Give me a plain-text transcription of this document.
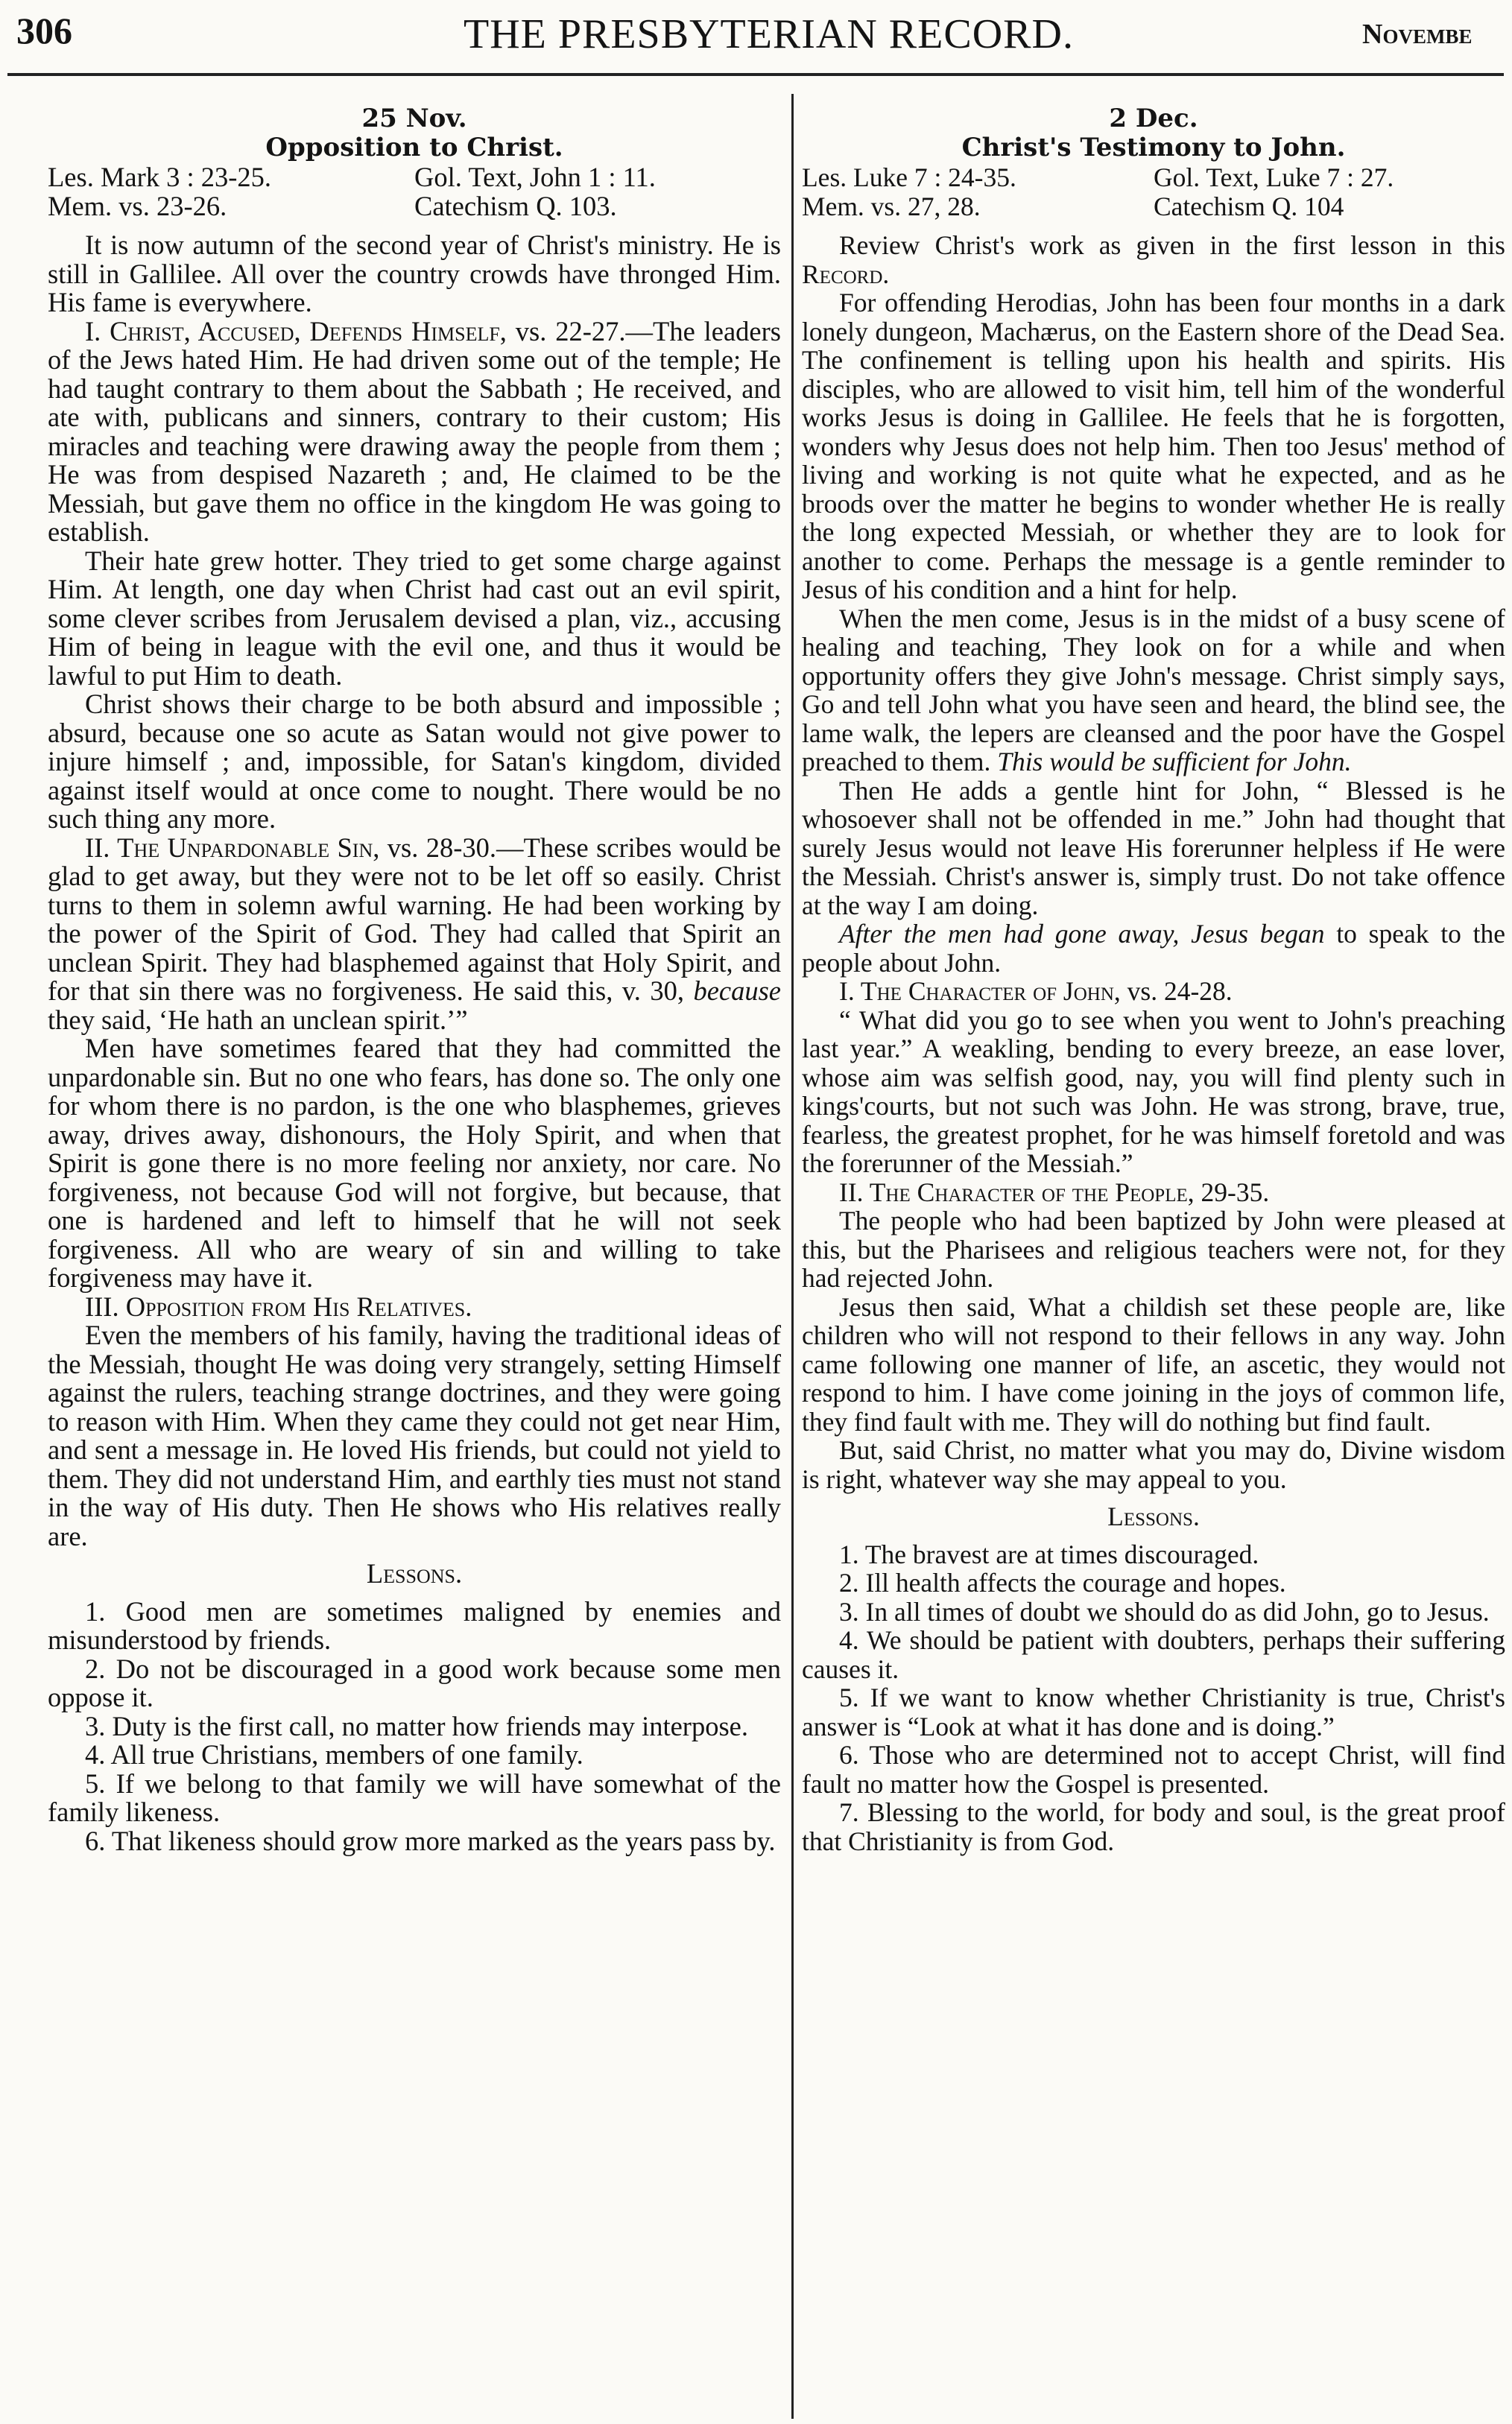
306	THE PRESBYTERIAN RECORD.	Novembe
25 Nov.
Opposition to Christ.
Les. Mark 3 : 23-25.	Gol. Text, John 1 : 11.
Mem. vs. 23-26.	Catechism Q. 103.

It is now autumn of the second year of Christ's ministry. He is still in Gallilee. All over the country crowds have thronged Him. His fame is everywhere.

I. Christ, Accused, Defends Himself, vs. 22-27.—The leaders of the Jews hated Him. He had driven some out of the temple; He had taught contrary to them about the Sabbath ; He received, and ate with, publicans and sinners, contrary to their custom; His miracles and teaching were drawing away the people from them ; He was from despised Nazareth ; and, He claimed to be the Messiah, but gave them no office in the kingdom He was going to establish.

Their hate grew hotter. They tried to get some charge against Him. At length, one day when Christ had cast out an evil spirit, some clever scribes from Jerusalem devised a plan, viz., accusing Him of being in league with the evil one, and thus it would be lawful to put Him to death.

Christ shows their charge to be both absurd and impossible ; absurd, because one so acute as Satan would not give power to injure himself ; and, impossible, for Satan's kingdom, divided against itself would at once come to nought. There would be no such thing any more.

II. The Unpardonable Sin, vs. 28-30.—These scribes would be glad to get away, but they were not to be let off so easily. Christ turns to them in solemn awful warning. He had been working by the power of the Spirit of God. They had called that Spirit an unclean Spirit. They had blasphemed against that Holy Spirit, and for that sin there was no forgiveness. He said this, v. 30, because they said, ‘He hath an unclean spirit.’”

Men have sometimes feared that they had committed the unpardonable sin. But no one who fears, has done so. The only one for whom there is no pardon, is the one who blasphemes, grieves away, drives away, dishonours, the Holy Spirit, and when that Spirit is gone there is no more feeling nor anxiety, nor care. No forgiveness, not because God will not forgive, but because, that one is hardened and left to himself that he will not seek forgiveness. All who are weary of sin and willing to take forgiveness may have it.

III. Opposition from His Relatives.

Even the members of his family, having the traditional ideas of the Messiah, thought He was doing very strangely, setting Himself against the rulers, teaching strange doctrines, and they were going to reason with Him. When they came they could not get near Him, and sent a message in. He loved His friends, but could not yield to them. They did not understand Him, and earthly ties must not stand in the way of His duty. Then He shows who His relatives really are.

Lessons.
1. Good men are sometimes maligned by enemies and misunderstood by friends.
2. Do not be discouraged in a good work because some men oppose it.
3. Duty is the first call, no matter how friends may interpose.
4. All true Christians, members of one family.
5. If we belong to that family we will have somewhat of the family likeness.
6. That likeness should grow more marked as the years pass by.
2 Dec.
Christ's Testimony to John.
Les. Luke 7 : 24-35.	Gol. Text, Luke 7 : 27.
Mem. vs. 27, 28.	Catechism Q. 104

Review Christ's work as given in the first lesson in this Record.

For offending Herodias, John has been four months in a dark lonely dungeon, Machærus, on the Eastern shore of the Dead Sea. The confinement is telling upon his health and spirits. His disciples, who are allowed to visit him, tell him of the wonderful works Jesus is doing in Gallilee. He feels that he is forgotten, wonders why Jesus does not help him. Then too Jesus' method of living and working is not quite what he expected, and as he broods over the matter he begins to wonder whether He is really the long expected Messiah, or whether they are to look for another to come. Perhaps the message is a gentle reminder to Jesus of his condition and a hint for help.

When the men come, Jesus is in the midst of a busy scene of healing and teaching, They look on for a while and when opportunity offers they give John's message. Christ simply says, Go and tell John what you have seen and heard, the blind see, the lame walk, the lepers are cleansed and the poor have the Gospel preached to them. This would be sufficient for John.

Then He adds a gentle hint for John, “ Blessed is he whosoever shall not be offended in me.” John had thought that surely Jesus would not leave His forerunner helpless if He were the Messiah. Christ's answer is, simply trust. Do not take offence at the way I am doing.

After the men had gone away, Jesus began to speak to the people about John.

I. The Character of John, vs. 24-28.

“ What did you go to see when you went to John's preaching last year.” A weakling, bending to every breeze, an ease lover, whose aim was selfish good, nay, you will find plenty such in kings'courts, but not such was John. He was strong, brave, true, fearless, the greatest prophet, for he was himself foretold and was the forerunner of the Messiah.”

II. The Character of the People, 29-35.

The people who had been baptized by John were pleased at this, but the Pharisees and religious teachers were not, for they had rejected John.

Jesus then said, What a childish set these people are, like children who will not respond to their fellows in any way. John came following one manner of life, an ascetic, they would not respond to him. I have come joining in the joys of common life, they find fault with me. They will do nothing but find fault.

But, said Christ, no matter what you may do, Divine wisdom is right, whatever way she may appeal to you.

Lessons.
1. The bravest are at times discouraged.
2. Ill health affects the courage and hopes.
3. In all times of doubt we should do as did John, go to Jesus.
4. We should be patient with doubters, perhaps their suffering causes it.
5. If we want to know whether Christianity is true, Christ's answer is “Look at what it has done and is doing.”
6. Those who are determined not to accept Christ, will find fault no matter how the Gospel is presented.
7. Blessing to the world, for body and soul, is the great proof that Christianity is from God.
